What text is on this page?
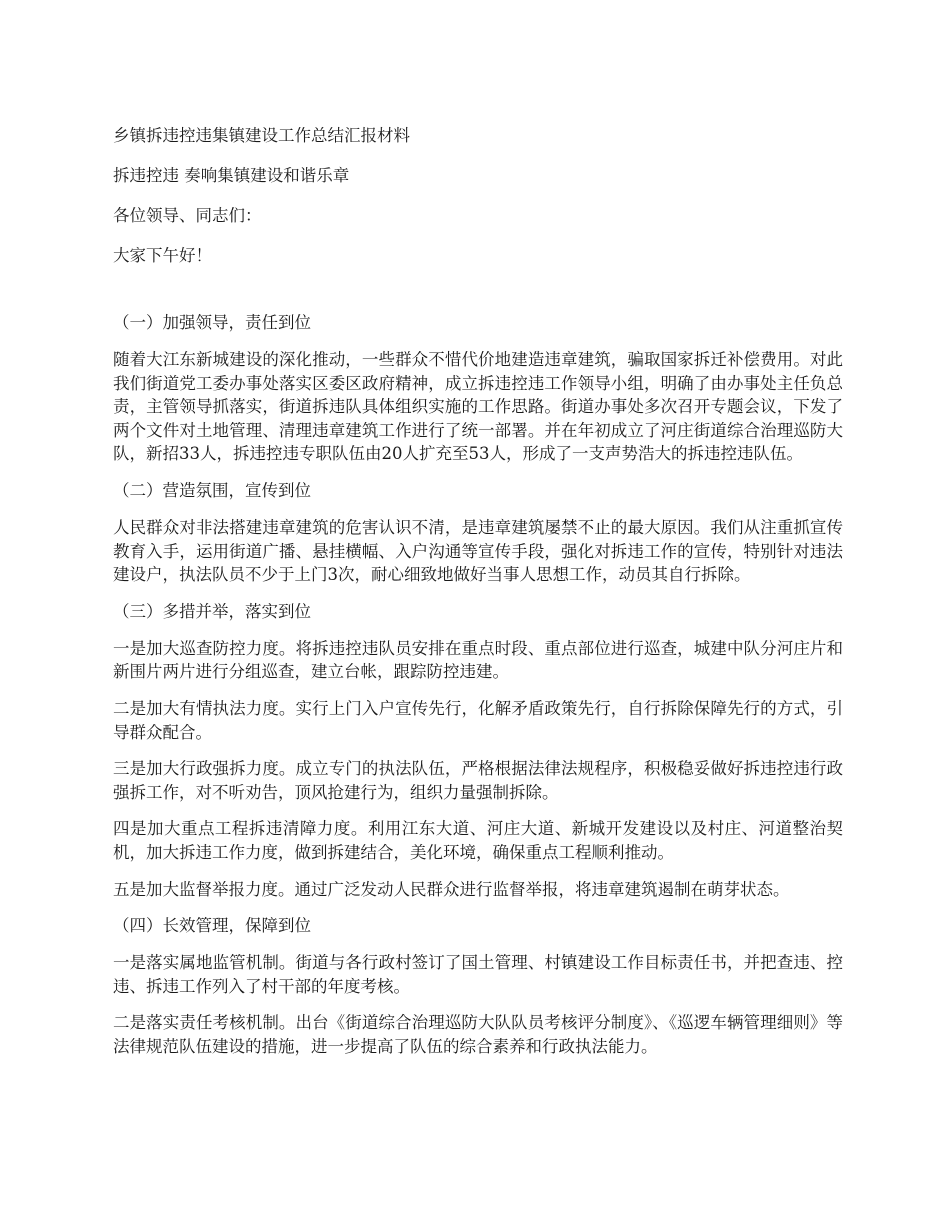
乡镇拆违控违集镇建设工作总结汇报材料

拆违控违 奏响集镇建设和谐乐章

各位领导、同志们：

大家下午好！

（一）加强领导，责任到位

随着大江东新城建设的深化推动，一些群众不惜代价地建造违章建筑，骗取国家拆迁补偿费用。对此我们街道党工委办事处落实区委区政府精神，成立拆违控违工作领导小组，明确了由办事处主任负总责，主管领导抓落实，街道拆违队具体组织实施的工作思路。街道办事处多次召开专题会议，下发了两个文件对土地管理、清理违章建筑工作进行了统一部署。并在年初成立了河庄街道综合治理巡防大队，新招33人，拆违控违专职队伍由20人扩充至53人，形成了一支声势浩大的拆违控违队伍。

（二）营造氛围，宣传到位

人民群众对非法搭建违章建筑的危害认识不清，是违章建筑屡禁不止的最大原因。我们从注重抓宣传教育入手，运用街道广播、悬挂横幅、入户沟通等宣传手段，强化对拆违工作的宣传，特别针对违法建设户，执法队员不少于上门3次，耐心细致地做好当事人思想工作，动员其自行拆除。

（三）多措并举，落实到位

一是加大巡查防控力度。将拆违控违队员安排在重点时段、重点部位进行巡查，城建中队分河庄片和新围片两片进行分组巡查，建立台帐，跟踪防控违建。

二是加大有情执法力度。实行上门入户宣传先行，化解矛盾政策先行，自行拆除保障先行的方式，引导群众配合。

三是加大行政强拆力度。成立专门的执法队伍，严格根据法律法规程序，积极稳妥做好拆违控违行政强拆工作，对不听劝告，顶风抢建行为，组织力量强制拆除。

四是加大重点工程拆违清障力度。利用江东大道、河庄大道、新城开发建设以及村庄、河道整治契机，加大拆违工作力度，做到拆建结合，美化环境，确保重点工程顺利推动。

五是加大监督举报力度。通过广泛发动人民群众进行监督举报，将违章建筑遏制在萌芽状态。

（四）长效管理，保障到位

一是落实属地监管机制。街道与各行政村签订了国土管理、村镇建设工作目标责任书，并把查违、控违、拆违工作列入了村干部的年度考核。

二是落实责任考核机制。出台《街道综合治理巡防大队队员考核评分制度》、《巡逻车辆管理细则》等法律规范队伍建设的措施，进一步提高了队伍的综合素养和行政执法能力。
